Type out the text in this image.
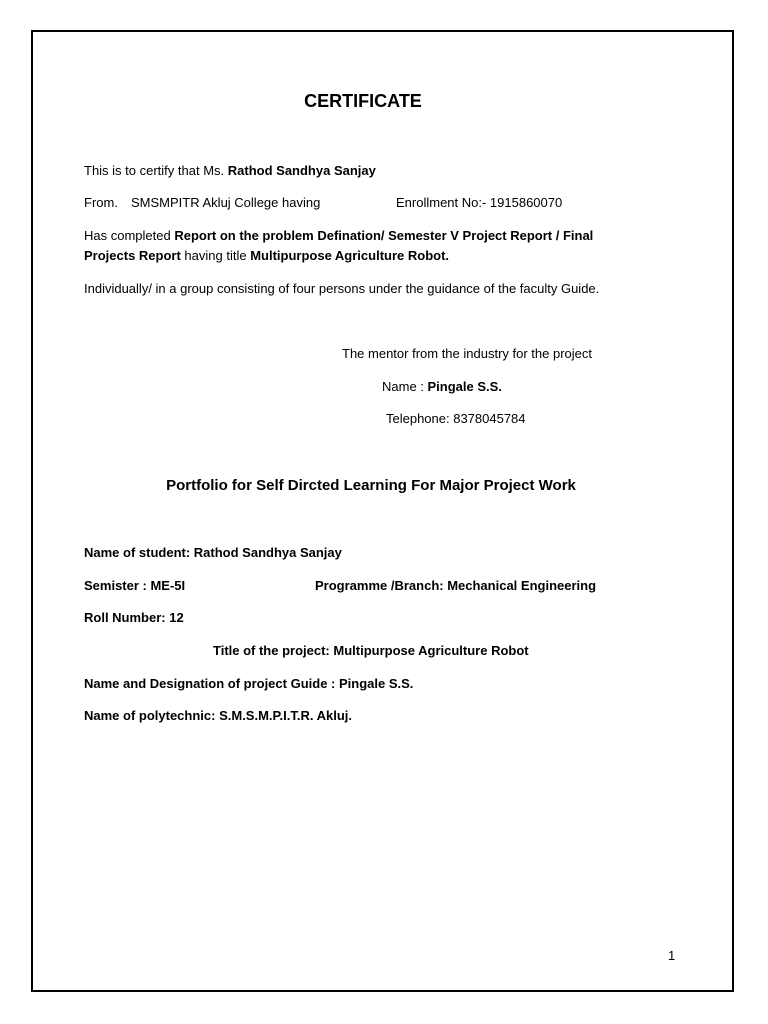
CERTIFICATE
This is to certify that Ms. Rathod Sandhya Sanjay
From. SMSMPITR Akluj College having	Enrollment No:- 1915860070
Has completed Report on the problem Defination/ Semester V Project Report / Final
Projects Report having title Multipurpose Agriculture Robot.
Individually/ in a group consisting of four persons under the guidance of the faculty Guide.
The mentor from the industry for the project
Name : Pingale S.S.
Telephone: 8378045784
Portfolio for Self Dircted Learning For Major Project Work
Name of student: Rathod Sandhya Sanjay
Semister : ME-5I	Programme /Branch: Mechanical Engineering
Roll Number: 12
Title of the project: Multipurpose Agriculture Robot
Name and Designation of project Guide : Pingale S.S.
Name of polytechnic: S.M.S.M.P.I.T.R. Akluj.
1
